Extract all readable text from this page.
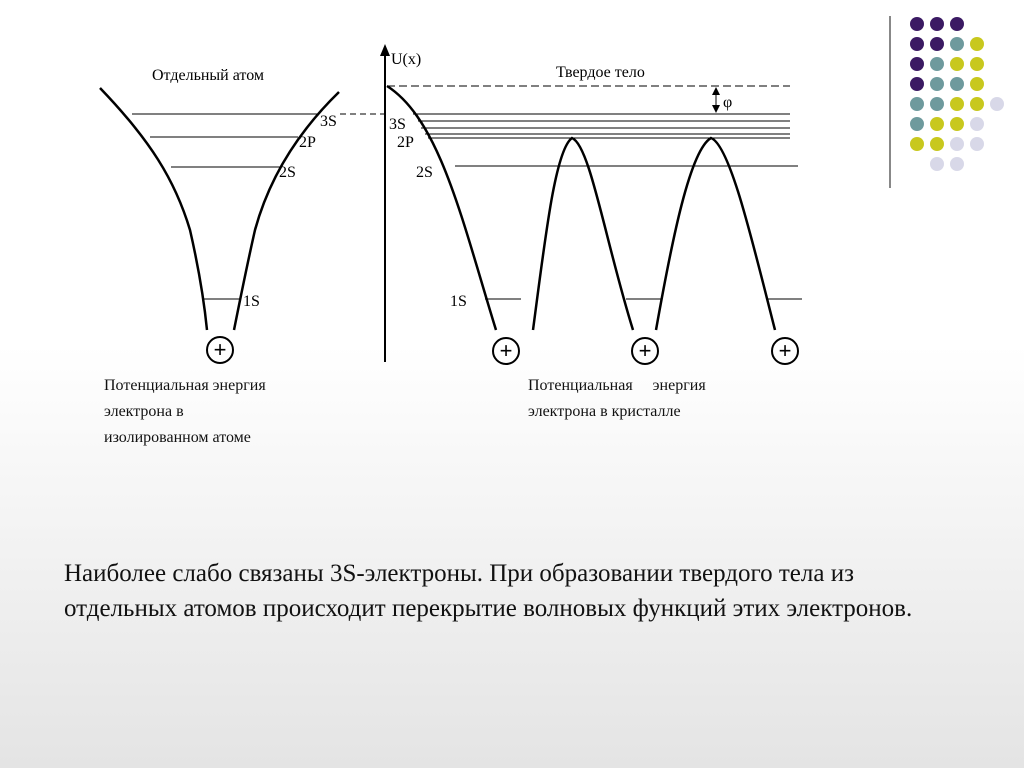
Отдельный атом
3S
2P
2S
1S
+
U(x)
Твердое тело
φ
3S
2P
2S
1S
+	+	+
Потенциальная энергия
электрона в
изолированном атоме
Потенциальная энергия
электрона в кристалле
Наиболее слабо связаны 3S-электроны. При образовании твердого тела из отдельных атомов происходит перекрытие волновых функций этих электронов.
